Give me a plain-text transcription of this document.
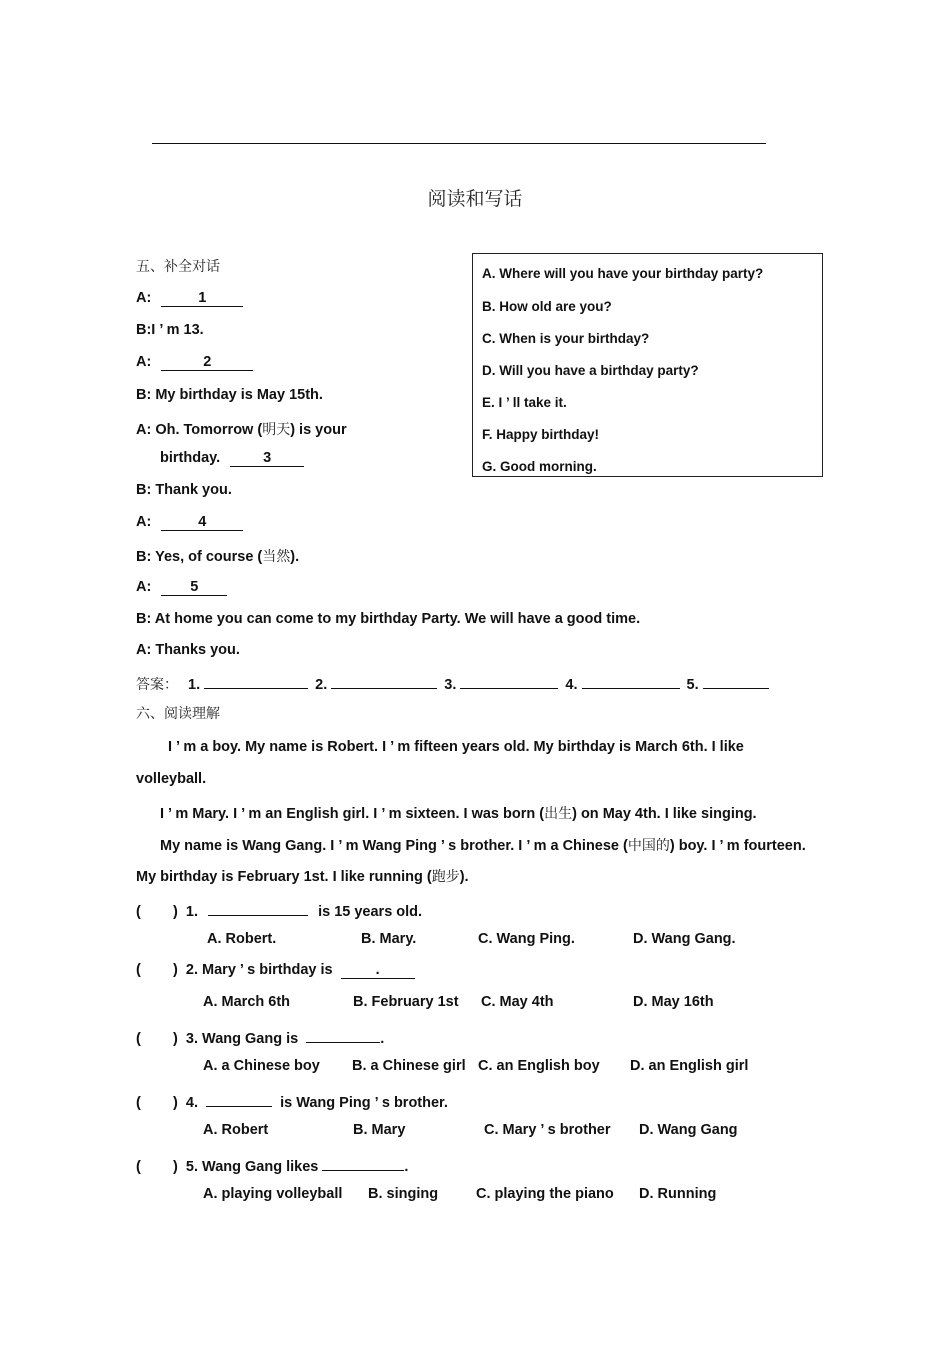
阅读和写话
五、补全对话	A. Where will you have your birthday party?
B. How old are you?
C. When is your birthday?
D. Will you have a birthday party?
E. I ’ ll take it.
F. Happy birthday!
G. Good morning.
A:	1
B:I ’ m 13.
A:	2
B: My birthday is May 15th.
A: Oh. Tomorrow (明天) is your
birthday.	3
B: Thank you.
A:	4
B: Yes, of course (当然).
A:	5
B: At home you can come to my birthday Party. We will have a good time.
A: Thanks you.
答案： 1.	2.	3.	4.	5.
六、阅读理解
I ’ m a boy. My name is Robert. I ’ m fifteen years old. My birthday is March 6th. I like
volleyball.
I ’ m Mary. I ’ m an English girl. I ’ m sixteen. I was born (出生) on May 4th. I like singing.
My name is Wang Gang. I ’ m Wang Ping ’ s brother. I ’ m a Chinese (中国的) boy. I ’ m fourteen.
My birthday is February 1st. I like running (跑步).
(        ) 1.	is 15 years old.
A. Robert.	B. Mary.	C. Wang Ping.	D. Wang Gang.
(        ) 2. Mary ’ s birthday is	.
A. March 6th	B. February 1st C. May 4th	D. May 16th
(        ) 3. Wang Gang is	.
A. a Chinese boy B. a Chinese girl C. an English boy D. an English girl
(        ) 4.	is Wang Ping ’ s brother.
A. Robert	B. Mary	C. Mary ’ s brother D. Wang Gang
(        ) 5. Wang Gang likes	.
A. playing volleyball B. singing	C. playing the piano D. Running
